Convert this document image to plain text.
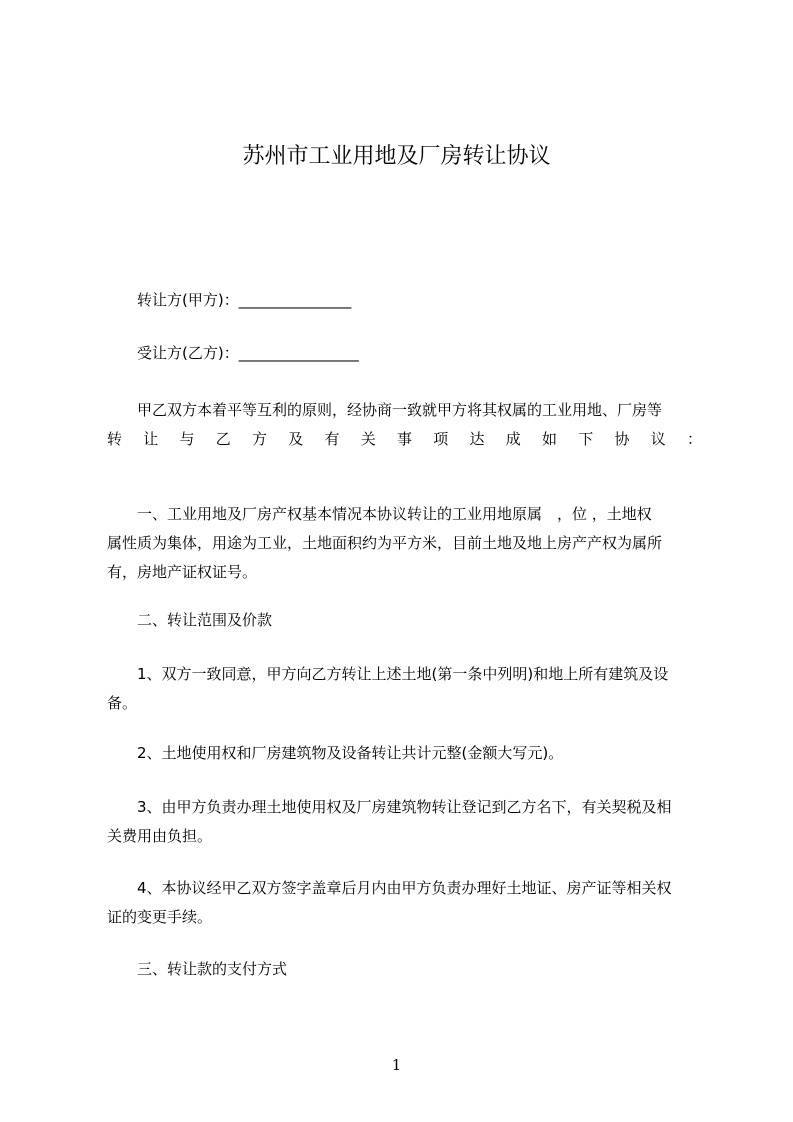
苏州市工业用地及厂房转让协议

转让方(甲方)：_______________

受让方(乙方)：________________

甲乙双方本着平等互利的原则，经协商一致就甲方将其权属的工业用地、厂房等

转让与乙方及有关事项达成如下协议：

一、工业用地及厂房产权基本情况本协议转让的工业用地原属　，位 ，土地权

属性质为集体，用途为工业，土地面积约为平方米，目前土地及地上房产产权为属所

有，房地产证权证号。

二、转让范围及价款

1、双方一致同意，甲方向乙方转让上述土地(第一条中列明)和地上所有建筑及设

备。

2、土地使用权和厂房建筑物及设备转让共计元整(金额大写元)。

3、由甲方负责办理土地使用权及厂房建筑物转让登记到乙方名下，有关契税及相

关费用由负担。

4、本协议经甲乙双方签字盖章后月内由甲方负责办理好土地证、房产证等相关权

证的变更手续。

三、转让款的支付方式

1
